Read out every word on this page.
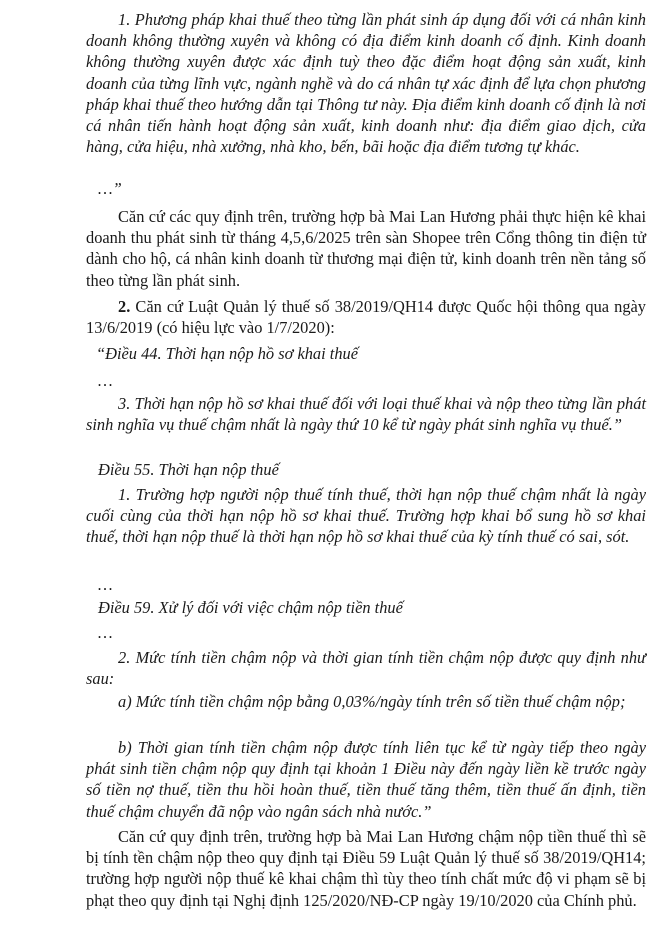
1. Phương pháp khai thuế theo từng lần phát sinh áp dụng đối với cá nhân kinh doanh không thường xuyên và không có địa điểm kinh doanh cố định. Kinh doanh không thường xuyên được xác định tuỳ theo đặc điểm hoạt động sản xuất, kinh doanh của từng lĩnh vực, ngành nghề và do cá nhân tự xác định để lựa chọn phương pháp khai thuế theo hướng dẫn tại Thông tư này. Địa điểm kinh doanh cố định là nơi cá nhân tiến hành hoạt động sản xuất, kinh doanh như: địa điểm giao dịch, cửa hàng, cửa hiệu, nhà xưởng, nhà kho, bến, bãi hoặc địa điểm tương tự khác.

…”

Căn cứ các quy định trên, trường hợp bà Mai Lan Hương phải thực hiện kê khai doanh thu phát sinh từ tháng 4,5,6/2025 trên sàn Shopee trên Cổng thông tin điện tử dành cho hộ, cá nhân kinh doanh từ thương mại điện tử, kinh doanh trên nền tảng số theo từng lần phát sinh.

2. Căn cứ Luật Quản lý thuế số 38/2019/QH14 được Quốc hội thông qua ngày 13/6/2019 (có hiệu lực vào 1/7/2020):

“Điều 44. Thời hạn nộp hồ sơ khai thuế

…

3. Thời hạn nộp hồ sơ khai thuế đối với loại thuế khai và nộp theo từng lần phát sinh nghĩa vụ thuế chậm nhất là ngày thứ 10 kể từ ngày phát sinh nghĩa vụ thuế.”

Điều 55. Thời hạn nộp thuế

1. Trường hợp người nộp thuế tính thuế, thời hạn nộp thuế chậm nhất là ngày cuối cùng của thời hạn nộp hồ sơ khai thuế. Trường hợp khai bổ sung hồ sơ khai thuế, thời hạn nộp thuế là thời hạn nộp hồ sơ khai thuế của kỳ tính thuế có sai, sót.

…

Điều 59. Xử lý đối với việc chậm nộp tiền thuế

…

2. Mức tính tiền chậm nộp và thời gian tính tiền chậm nộp được quy định như sau:

a) Mức tính tiền chậm nộp bằng 0,03%/ngày tính trên số tiền thuế chậm nộp;

b) Thời gian tính tiền chậm nộp được tính liên tục kể từ ngày tiếp theo ngày phát sinh tiền chậm nộp quy định tại khoản 1 Điều này đến ngày liền kề trước ngày số tiền nợ thuế, tiền thu hồi hoàn thuế, tiền thuế tăng thêm, tiền thuế ấn định, tiền thuế chậm chuyển đã nộp vào ngân sách nhà nước.”

Căn cứ quy định trên, trường hợp bà Mai Lan Hương chậm nộp tiền thuế thì sẽ bị tính tền chậm nộp theo quy định tại Điều 59 Luật Quản lý thuế số 38/2019/QH14; trường hợp người nộp thuế kê khai chậm thì tùy theo tính chất mức độ vi phạm sẽ bị phạt theo quy định tại Nghị định 125/2020/NĐ-CP ngày 19/10/2020 của Chính phủ.
